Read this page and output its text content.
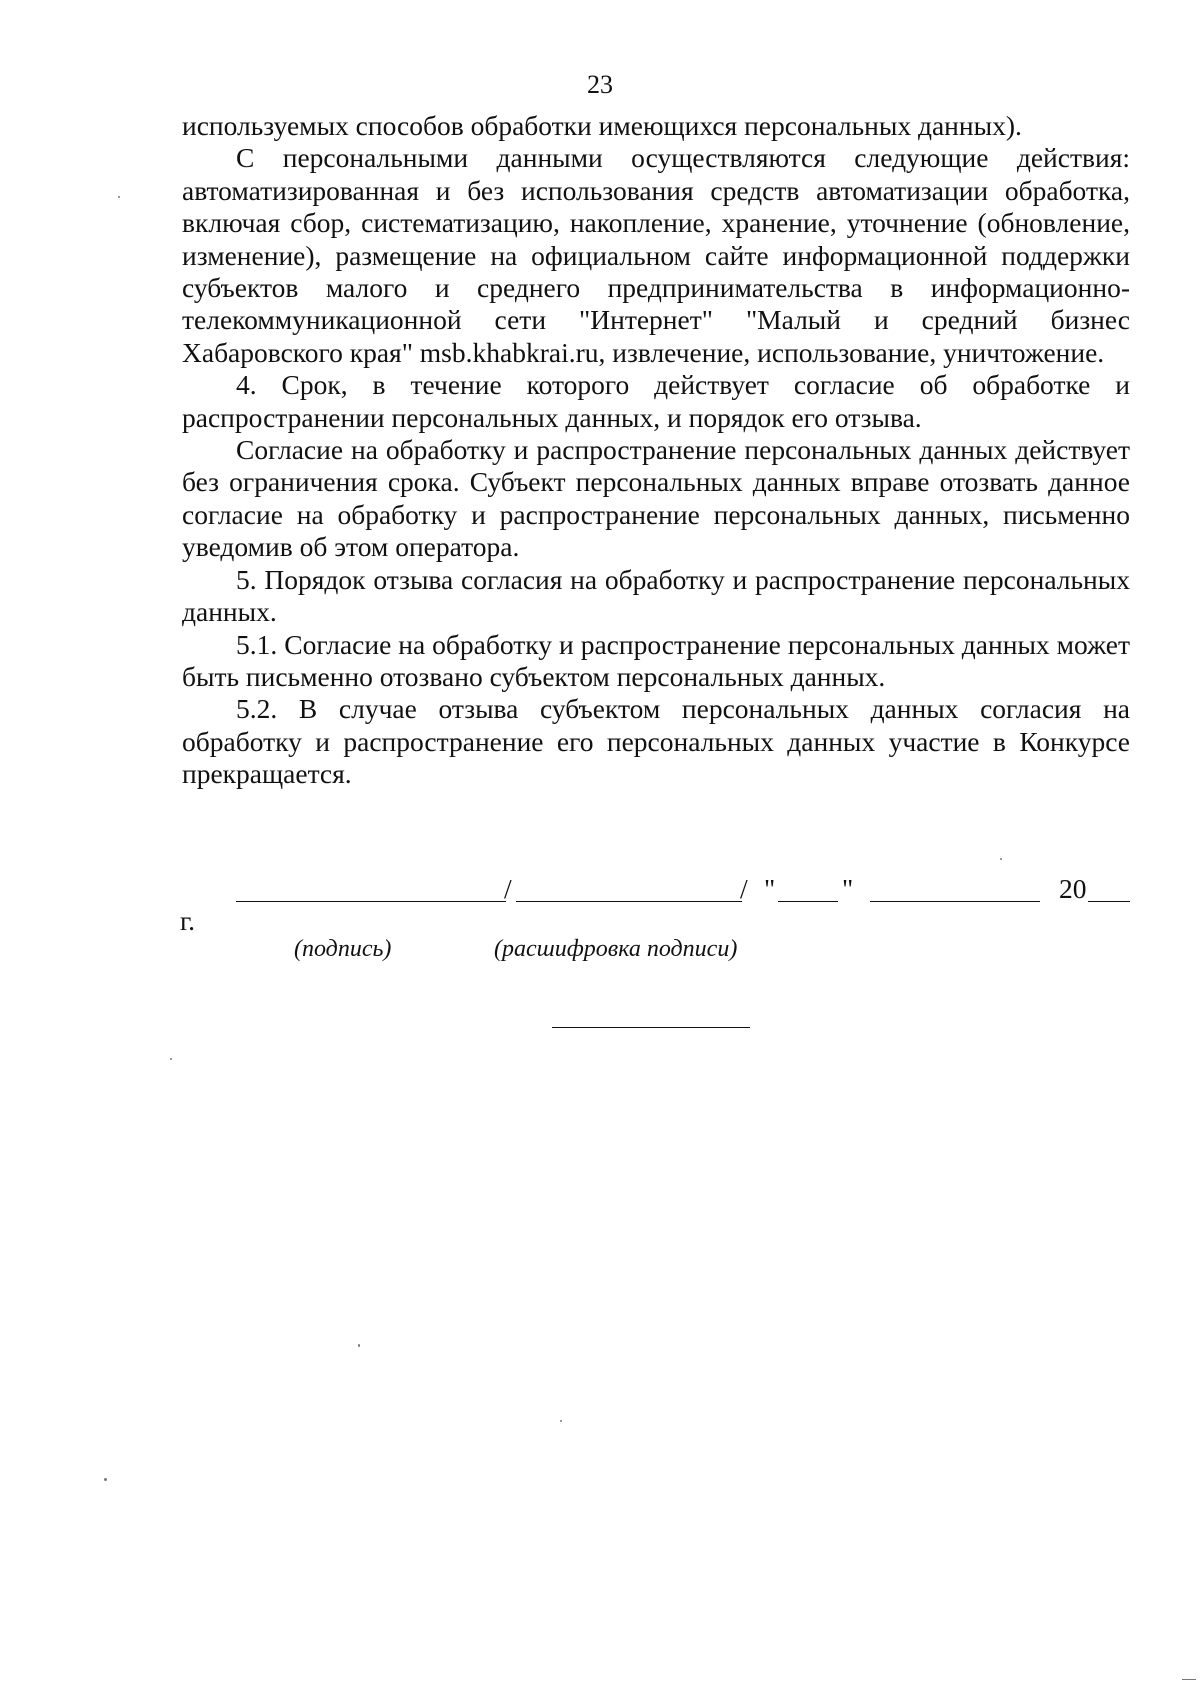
23

используемых способов обработки имеющихся персональных данных).

С персональными данными осуществляются следующие действия: автоматизированная и без использования средств автоматизации обработка, включая сбор, систематизацию, накопление, хранение, уточнение (обновление, изменение), размещение на официальном сайте информационной поддержки субъектов малого и среднего предпринимательства в информационно-телекоммуникационной сети "Интернет" "Малый и средний бизнес Хабаровского края" msb.khabkrai.ru, извлечение, использование, уничтожение.

4. Срок, в течение которого действует согласие об обработке и распространении персональных данных, и порядок его отзыва.

Согласие на обработку и распространение персональных данных действует без ограничения срока. Субъект персональных данных вправе отозвать данное согласие на обработку и распространение персональных данных, письменно уведомив об этом оператора.

5. Порядок отзыва согласия на обработку и распространение персональных данных.

5.1. Согласие на обработку и распространение персональных данных может быть письменно отозвано субъектом персональных данных.

5.2. В случае отзыва субъектом персональных данных согласия на обработку и распространение его персональных данных участие в Конкурсе прекращается.

/	/ " "	20
г.
(подпись)	(расшифровка подписи)
